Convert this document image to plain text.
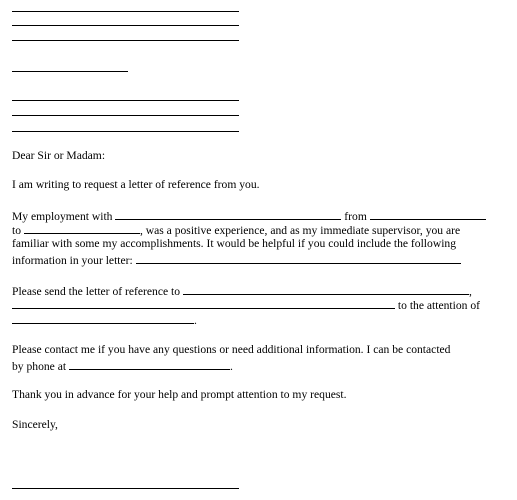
Dear Sir or Madam:
I am writing to request a letter of reference from you.
My employment with	from
to	, was a positive experience, and as my immediate supervisor, you are
familiar with some my accomplishments. It would be helpful if you could include the following
information in your letter:
Please send the letter of reference to	,
to the attention of
.
Please contact me if you have any questions or need additional information. I can be contacted
by phone at	.
Thank you in advance for your help and prompt attention to my request.
Sincerely,
